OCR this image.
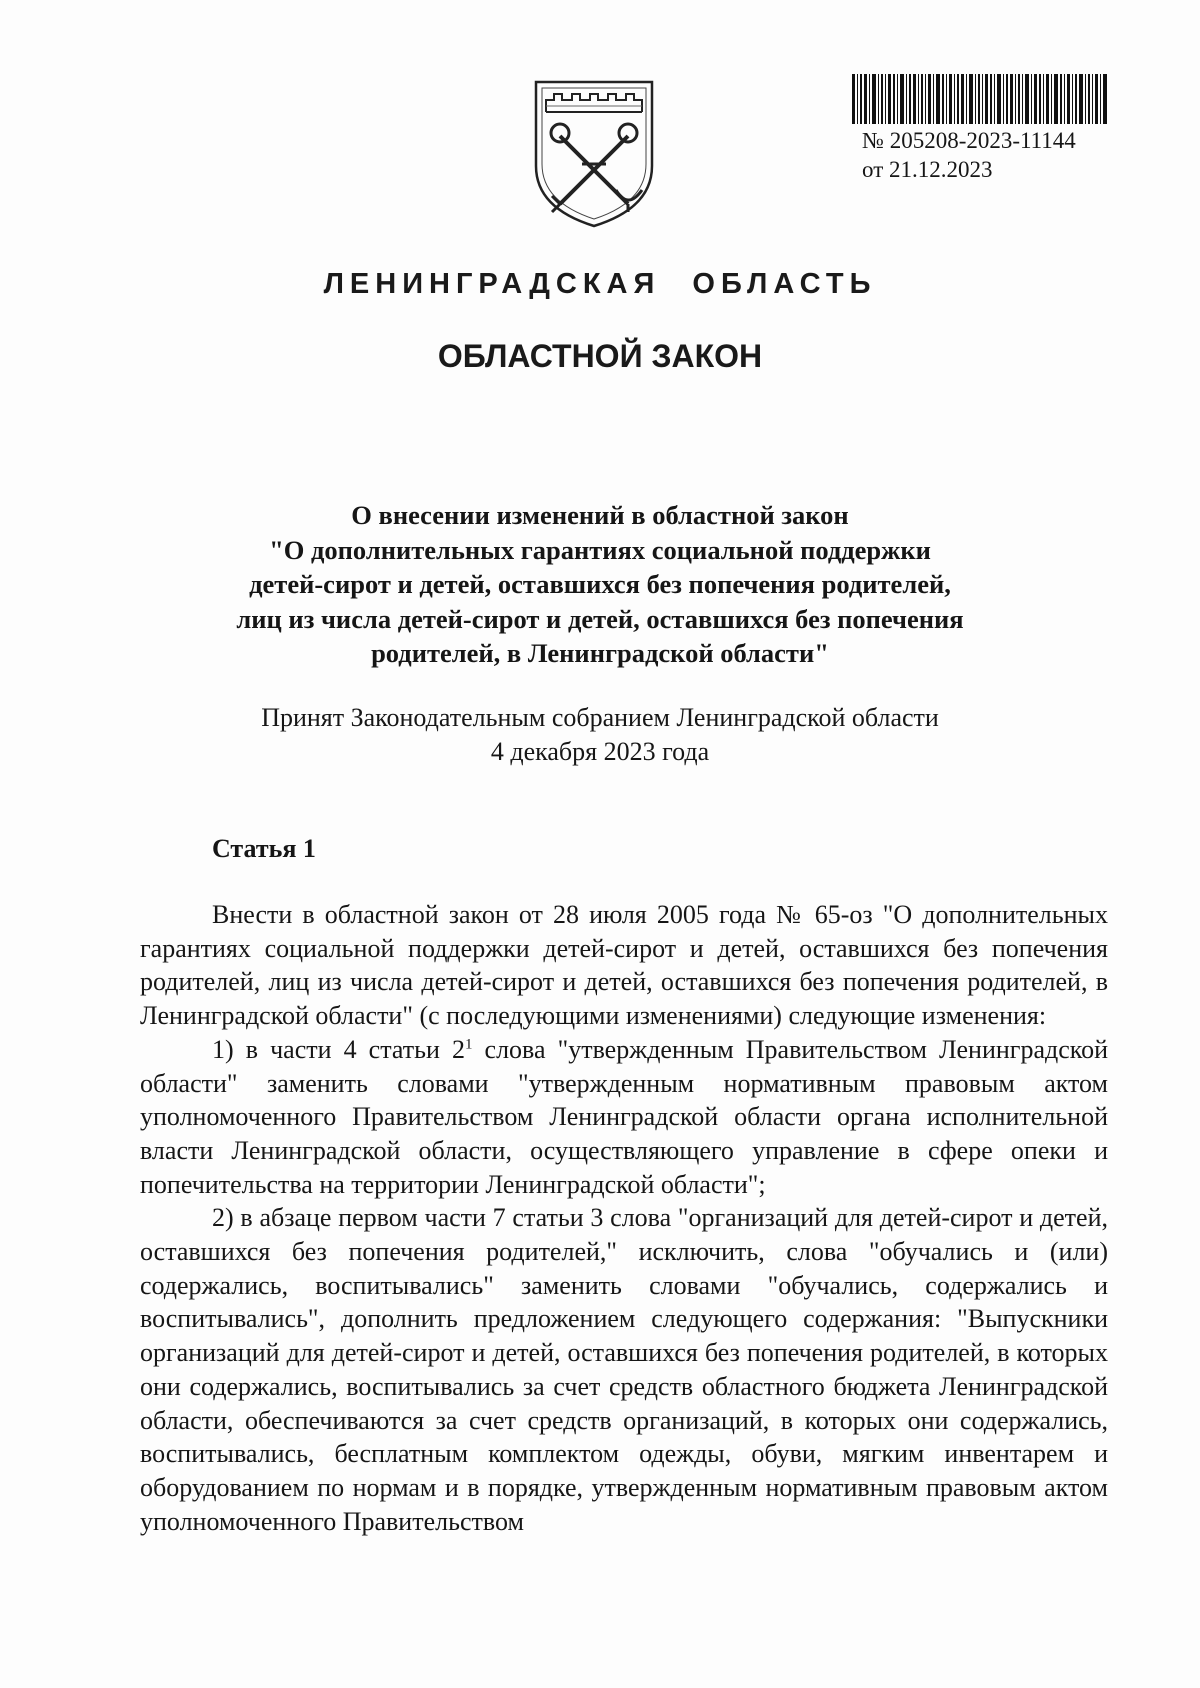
№ 205208-2023-11144
от 21.12.2023
ЛЕНИНГРАДСКАЯ ОБЛАСТЬ
ОБЛАСТНОЙ ЗАКОН
О внесении изменений в областной закон
"О дополнительных гарантиях социальной поддержки
детей-сирот и детей, оставшихся без попечения родителей,
лиц из числа детей-сирот и детей, оставшихся без попечения
родителей, в Ленинградской области"
Принят Законодательным собранием Ленинградской области
4 декабря 2023 года
Статья 1

Внести в областной закон от 28 июля 2005 года № 65-оз "О дополнительных гарантиях социальной поддержки детей-сирот и детей, оставшихся без попечения родителей, лиц из числа детей-сирот и детей, оставшихся без попечения родителей, в Ленинградской области" (с последующими изменениями) следующие изменения:

1) в части 4 статьи $2^1$ слова "утвержденным Правительством Ленинградской области" заменить словами "утвержденным нормативным правовым актом уполномоченного Правительством Ленинградской области органа исполнительной власти Ленинградской области, осуществляющего управление в сфере опеки и попечительства на территории Ленинградской области";

2) в абзаце первом части 7 статьи 3 слова "организаций для детей-сирот и детей, оставшихся без попечения родителей," исключить, слова "обучались и (или) содержались, воспитывались" заменить словами "обучались, содержались и воспитывались", дополнить предложением следующего содержания: "Выпускники организаций для детей-сирот и детей, оставшихся без попечения родителей, в которых они содержались, воспитывались за счет средств областного бюджета Ленинградской области, обеспечиваются за счет средств организаций, в которых они содержались, воспитывались, бесплатным комплектом одежды, обуви, мягким инвентарем и оборудованием по нормам и в порядке, утвержденным нормативным правовым актом уполномоченного Правительством
